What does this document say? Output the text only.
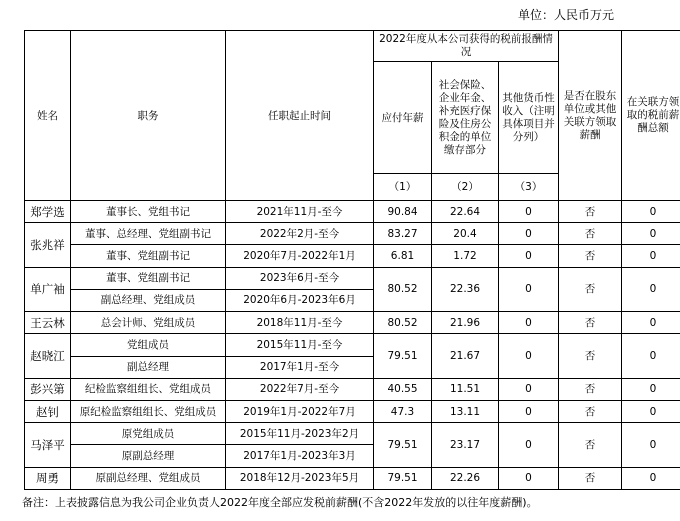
单位：人民币万元
姓名	职务	任职起止时间	2022年度从本公司获得的税前报酬情况			是否在股东单位或其他关联方领取薪酬	在关联方领取的税前薪酬总额
			应付年薪	社会保险、企业年金、补充医疗保险及住房公积金的单位缴存部分	其他货币性收入（注明具体项目并分列）		
			（1）	（2）	（3）		
郑学选	董事长、党组书记	2021年11月-至今	90.84	22.64	0	否	0
张兆祥	董事、总经理、党组副书记	2022年2月-至今	83.27	20.4	0	否	0
	董事、党组副书记	2020年7月-2022年1月	6.81	1.72	0	否	0
单广袖	董事、党组副书记	2023年6月-至今	80.52	22.36	0	否	0
	副总经理、党组成员	2020年6月-2023年6月					
王云林	总会计师、党组成员	2018年11月-至今	80.52	21.96	0	否	0
赵晓江	党组成员	2015年11月-至今	79.51	21.67	0	否	0
	副总经理	2017年1月-至今					
彭兴第	纪检监察组组长、党组成员	2022年7月-至今	40.55	11.51	0	否	0
赵钊	原纪检监察组组长、党组成员	2019年1月-2022年7月	47.3	13.11	0	否	0
马泽平	原党组成员	2015年11月-2023年2月	79.51	23.17	0	否	0
	原副总经理	2017年1月-2023年3月					
周勇	原副总经理、党组成员	2018年12月-2023年5月	79.51	22.26	0	否	0
备注：上表披露信息为我公司企业负责人2022年度全部应发税前薪酬(不含2022年发放的以往年度薪酬)。
